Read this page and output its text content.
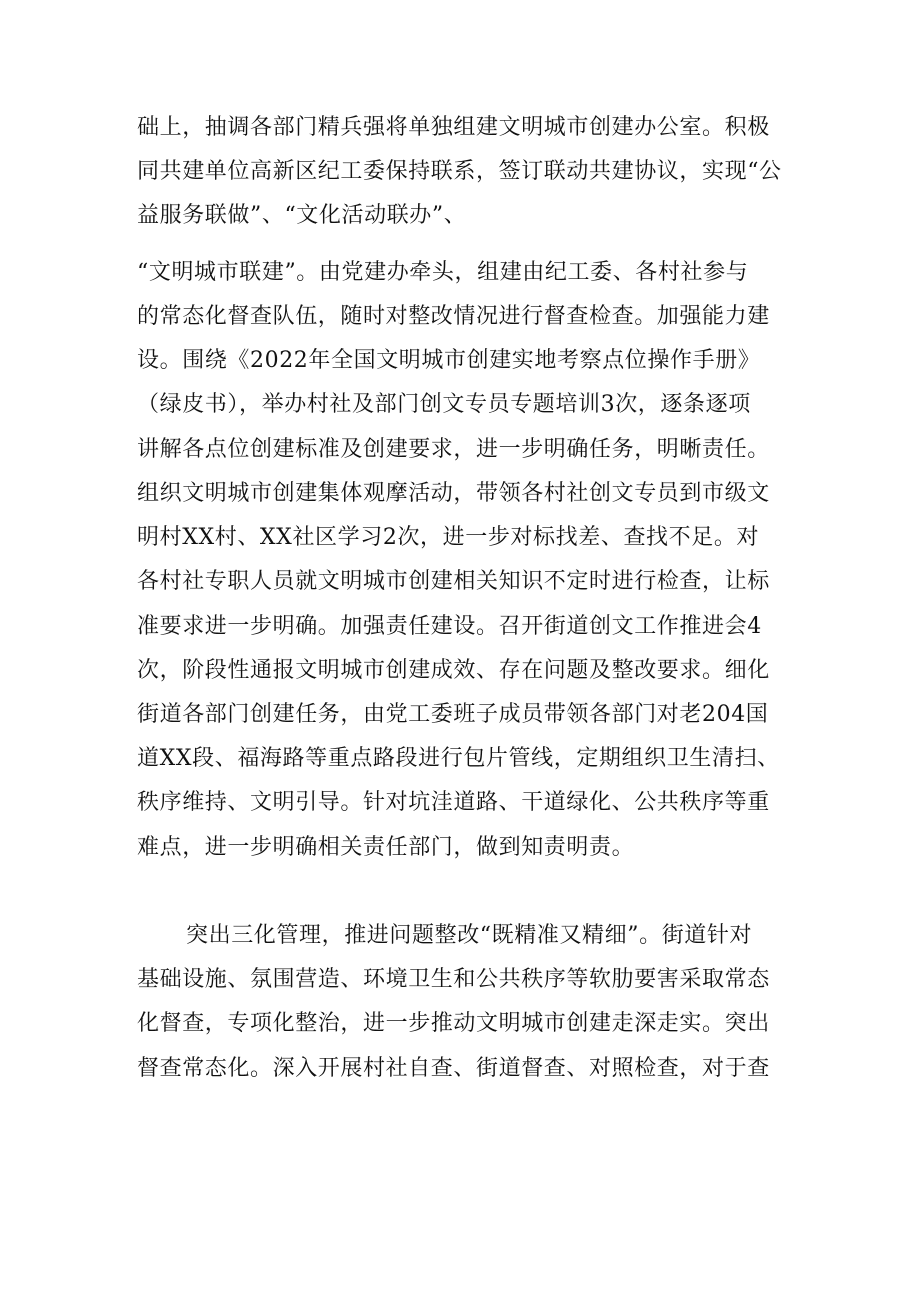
础上，抽调各部门精兵强将单独组建文明城市创建办公室。积极
同共建单位高新区纪工委保持联系，签订联动共建协议，实现“公
益服务联做”、“文化活动联办”、
“文明城市联建”。由党建办牵头，组建由纪工委、各村社参与
的常态化督查队伍，随时对整改情况进行督查检查。加强能力建
设。围绕《2022年全国文明城市创建实地考察点位操作手册》
（绿皮书），举办村社及部门创文专员专题培训3次，逐条逐项
讲解各点位创建标准及创建要求，进一步明确任务，明晰责任。
组织文明城市创建集体观摩活动，带领各村社创文专员到市级文
明村XX村、XX社区学习2次，进一步对标找差、查找不足。对
各村社专职人员就文明城市创建相关知识不定时进行检查，让标
准要求进一步明确。加强责任建设。召开街道创文工作推进会4
次，阶段性通报文明城市创建成效、存在问题及整改要求。细化
街道各部门创建任务，由党工委班子成员带领各部门对老204国
道XX段、福海路等重点路段进行包片管线，定期组织卫生清扫、
秩序维持、文明引导。针对坑洼道路、干道绿化、公共秩序等重
难点，进一步明确相关责任部门，做到知责明责。
突出三化管理，推进问题整改“既精准又精细”。街道针对
基础设施、氛围营造、环境卫生和公共秩序等软肋要害采取常态
化督查，专项化整治，进一步推动文明城市创建走深走实。突出
督查常态化。深入开展村社自查、街道督查、对照检查，对于查
